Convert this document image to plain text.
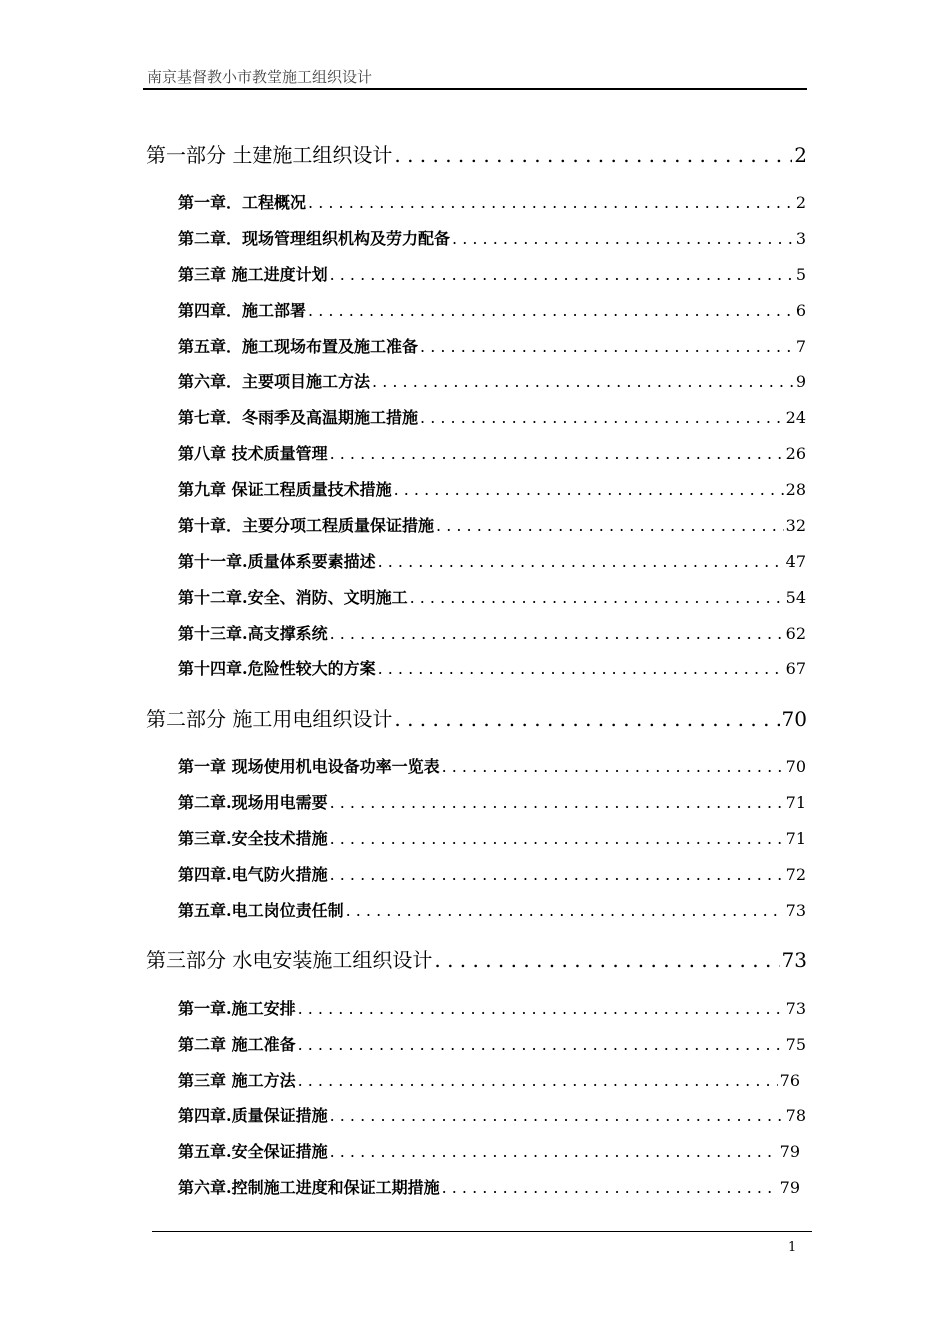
南京基督教小市教堂施工组织设计
第一部分 土建施工组织设计 . . .	2
第一章．工程概况 . . .	2
第二章．现场管理组织机构及劳力配备 . . .	3
第三章 施工进度计划 . . .	5
第四章．施工部署 . . .	6
第五章．施工现场布置及施工准备 . . .	7
第六章．主要项目施工方法 . . .	9
第七章．冬雨季及高温期施工措施 . . .	24
第八章 技术质量管理 . . .	26
第九章 保证工程质量技术措施 . . .	28
第十章．主要分项工程质量保证措施 . . .	32
第十一章.质量体系要素描述 . . .	47
第十二章.安全、消防、文明施工 . . .	54
第十三章.高支撑系统 . . .	62
第十四章.危险性较大的方案 . . .	67
第二部分 施工用电组织设计 . . .	70
第一章 现场使用机电设备功率一览表 . . .	70
第二章.现场用电需要 . . .	71
第三章.安全技术措施 . . .	71
第四章.电气防火措施 . . .	72
第五章.电工岗位责任制 . . .	73
第三部分 水电安装施工组织设计 . . .	73
第一章.施工安排 . . .	73
第二章 施工准备 . . .	75
第三章 施工方法 . . .	76
第四章.质量保证措施 . . .	78
第五章.安全保证措施 . . .	79
第六章.控制施工进度和保证工期措施 . . .	79
1
